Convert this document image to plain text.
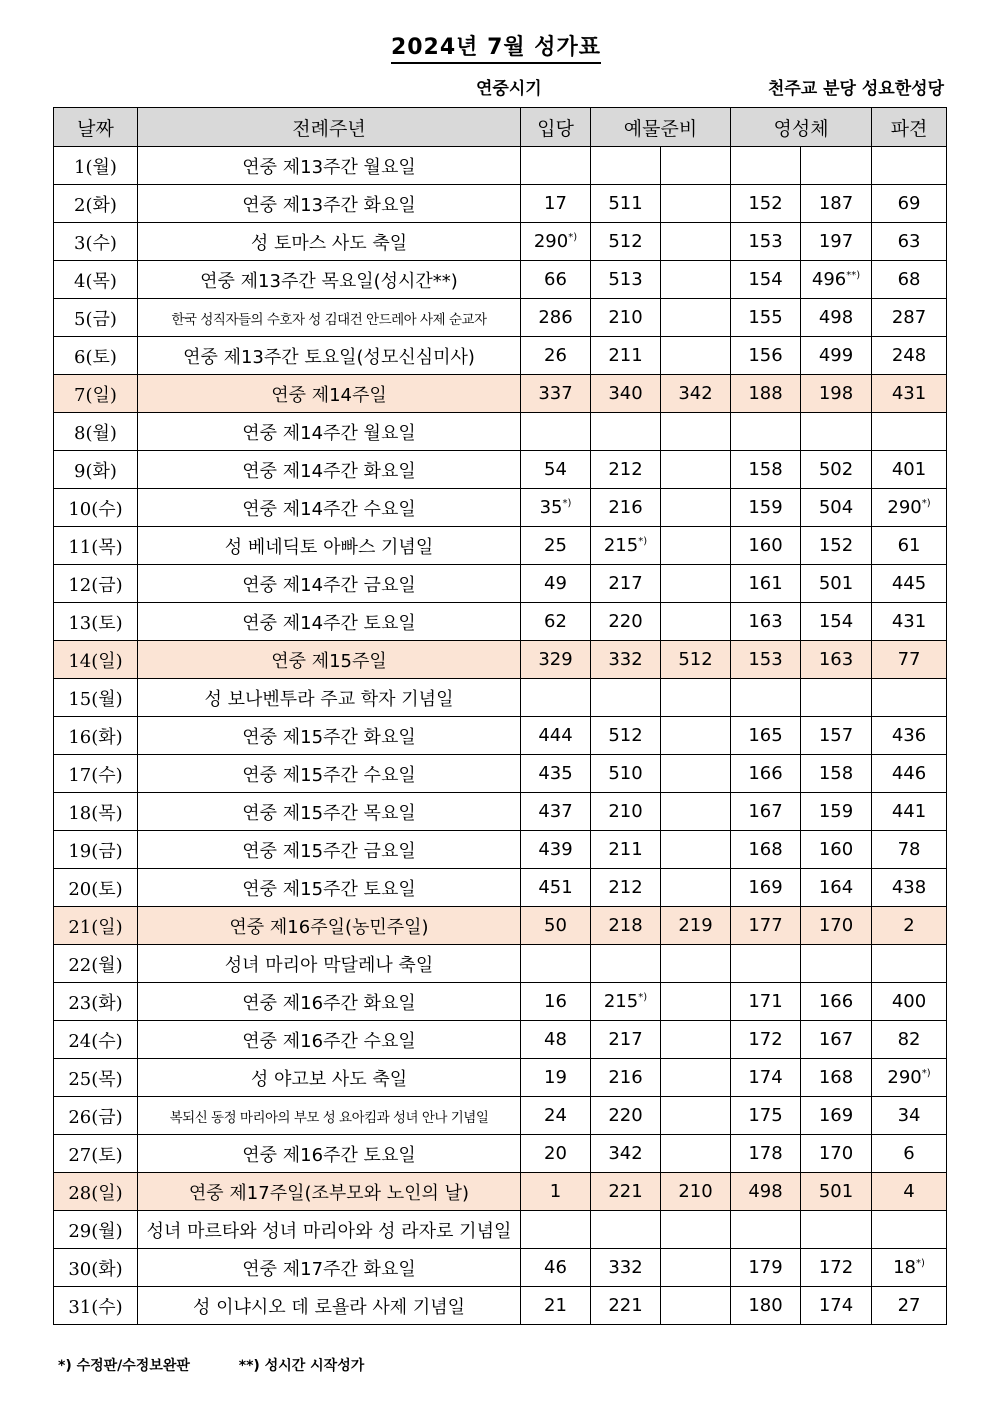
2024년 7월 성가표
연중시기	천주교 분당 성요한성당
날짜	전례주년	입당	예물준비		영성체		파견
1(월)	연중 제13주간 월요일						
2(화)	연중 제13주간 화요일	17	511		152	187	69
3(수)	성 토마스 사도 축일	290*)	512		153	197	63
4(목)	연중 제13주간 목요일(성시간**)	66	513		154	496**)	68
5(금)	한국 성직자들의 수호자 성 김대건 안드레아 사제 순교자	286	210		155	498	287
6(토)	연중 제13주간 토요일(성모신심미사)	26	211		156	499	248
7(일)	연중 제14주일	337	340	342	188	198	431
8(월)	연중 제14주간 월요일						
9(화)	연중 제14주간 화요일	54	212		158	502	401
10(수)	연중 제14주간 수요일	35*)	216		159	504	290*)
11(목)	성 베네딕토 아빠스 기념일	25	215*)		160	152	61
12(금)	연중 제14주간 금요일	49	217		161	501	445
13(토)	연중 제14주간 토요일	62	220		163	154	431
14(일)	연중 제15주일	329	332	512	153	163	77
15(월)	성 보나벤투라 주교 학자 기념일						
16(화)	연중 제15주간 화요일	444	512		165	157	436
17(수)	연중 제15주간 수요일	435	510		166	158	446
18(목)	연중 제15주간 목요일	437	210		167	159	441
19(금)	연중 제15주간 금요일	439	211		168	160	78
20(토)	연중 제15주간 토요일	451	212		169	164	438
21(일)	연중 제16주일(농민주일)	50	218	219	177	170	2
22(월)	성녀 마리아 막달레나 축일						
23(화)	연중 제16주간 화요일	16	215*)		171	166	400
24(수)	연중 제16주간 수요일	48	217		172	167	82
25(목)	성 야고보 사도 축일	19	216		174	168	290*)
26(금)	복되신 동정 마리아의 부모 성 요아킴과 성녀 안나 기념일	24	220		175	169	34
27(토)	연중 제16주간 토요일	20	342		178	170	6
28(일)	연중 제17주일(조부모와 노인의 날)	1	221	210	498	501	4
29(월)	성녀 마르타와 성녀 마리아와 성 라자로 기념일						
30(화)	연중 제17주간 화요일	46	332		179	172	18*)
31(수)	성 이냐시오 데 로욜라 사제 기념일	21	221		180	174	27
*) 수정판/수정보완판	**) 성시간 시작성가
